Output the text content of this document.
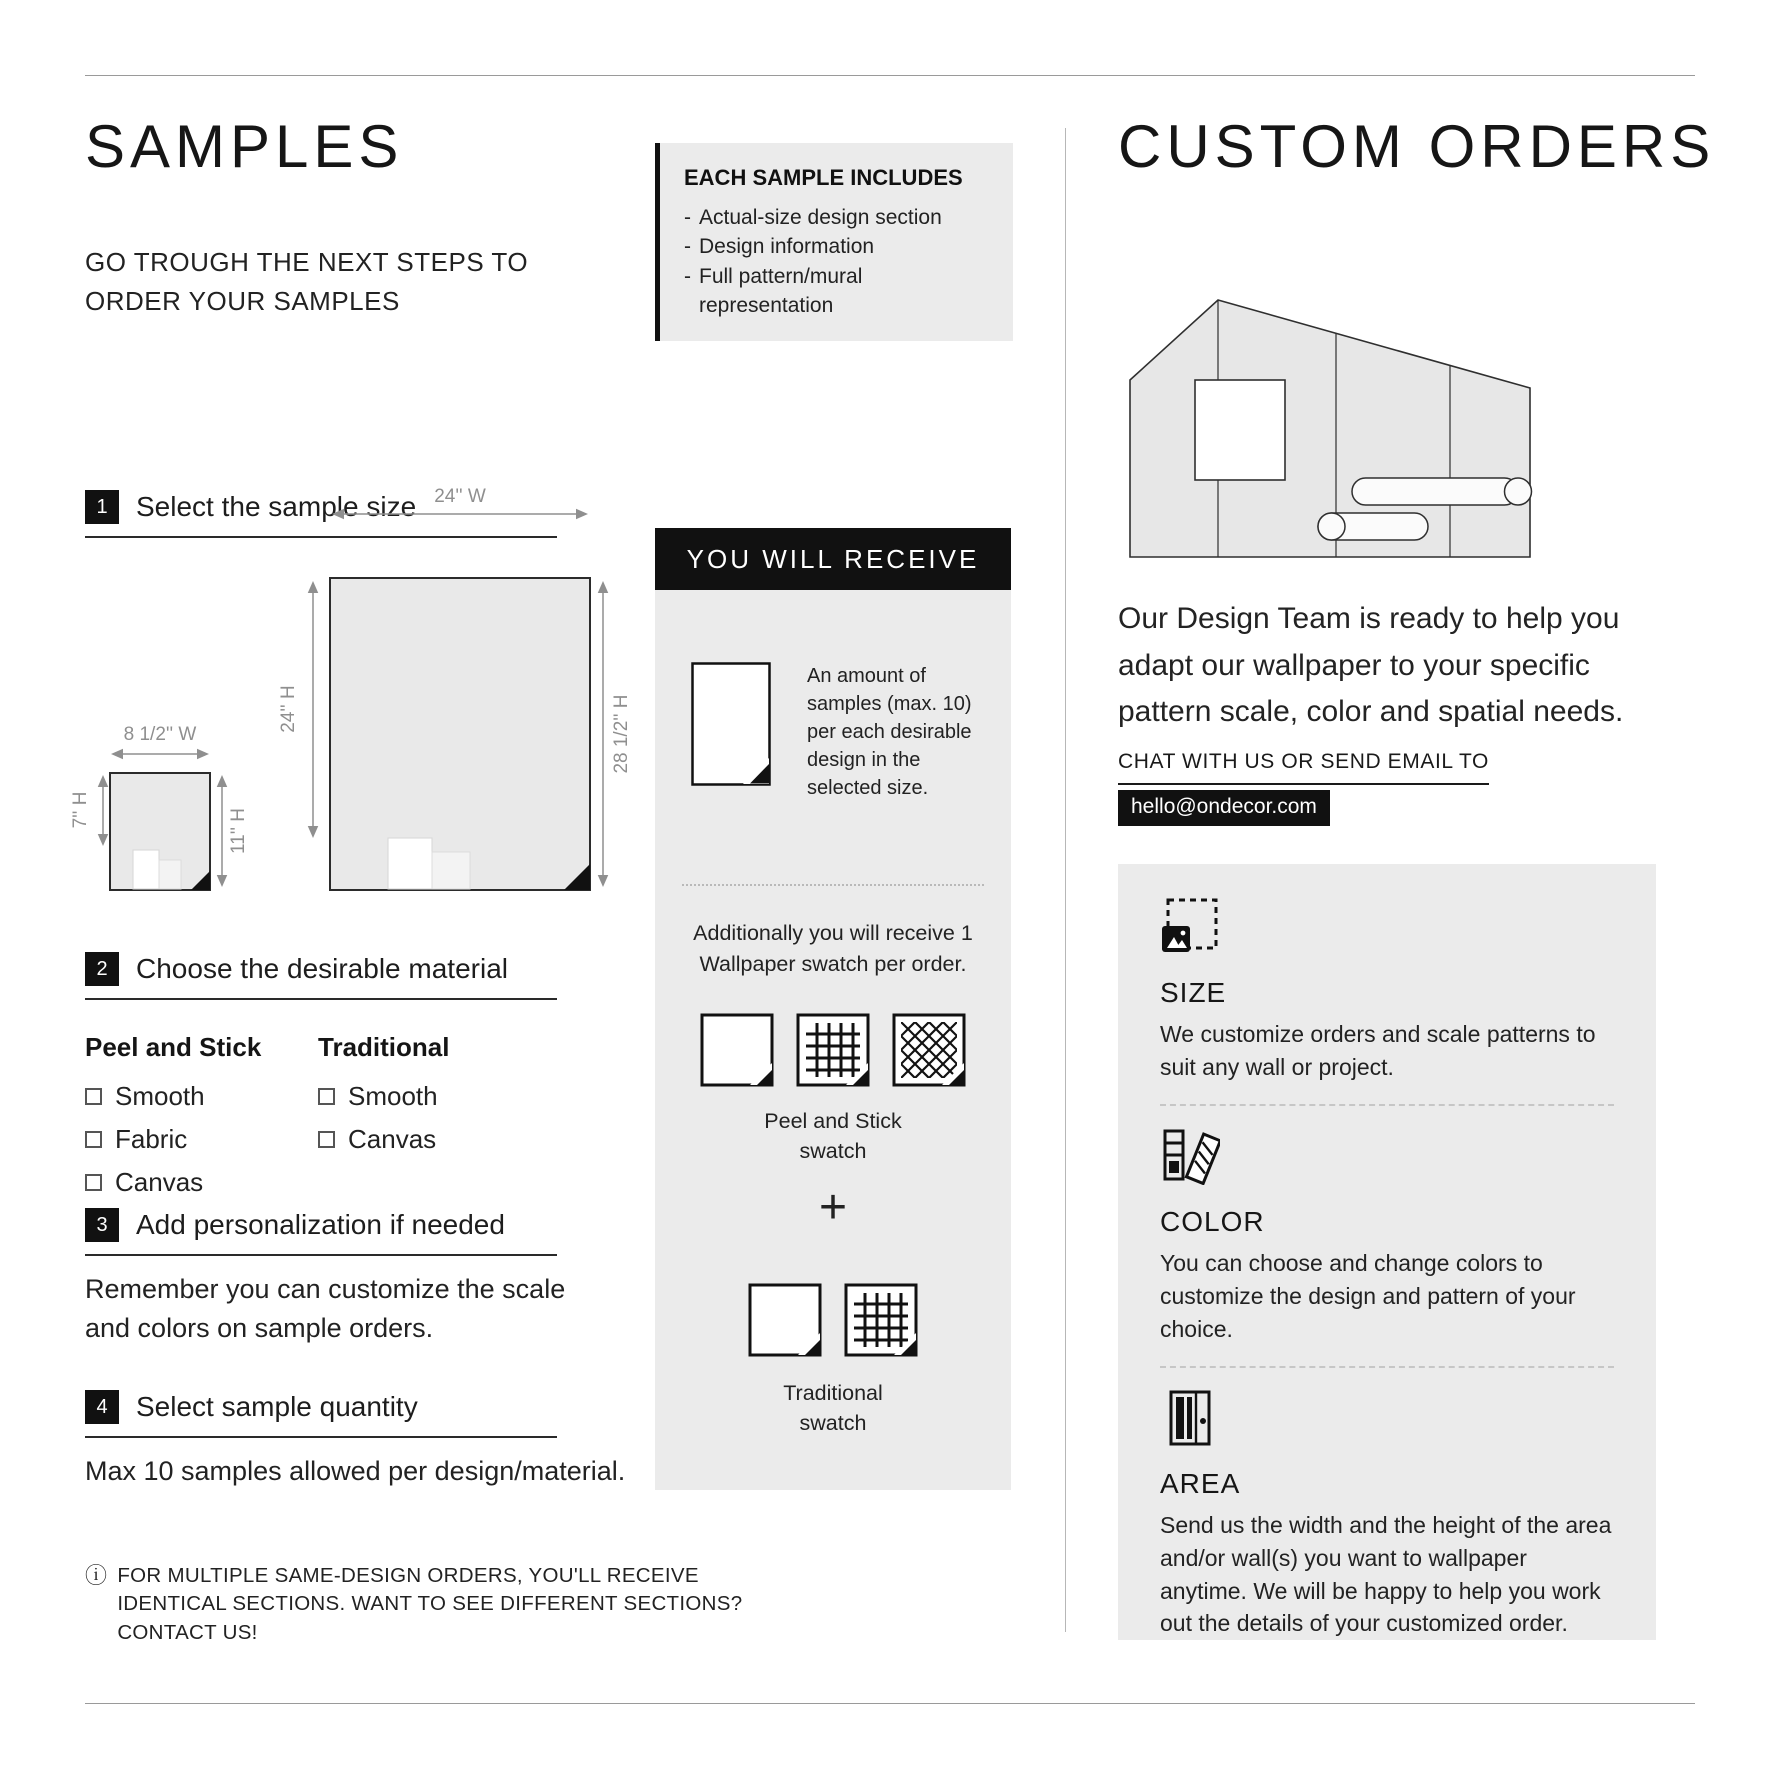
SAMPLES
GO TROUGH THE NEXT STEPS TO ORDER YOUR SAMPLES
EACH SAMPLE INCLUDES
- Actual-size design section
- Design information
- Full pattern/mural representation
1	Select the sample size 24'' W
24'' H	28 1/2'' H
8 1/2'' W
7'' H	11'' H
2	Choose the desirable material
Peel and Stick
Smooth
Fabric
Canvas
Traditional
Smooth
Canvas
3	Add personalization if needed
Remember you can customize the scale and colors on sample orders.
4	Select sample quantity
Max 10 samples allowed per design/material.
ⓘ FOR MULTIPLE SAME-DESIGN ORDERS, YOU'LL RECEIVE IDENTICAL SECTIONS. WANT TO SEE DIFFERENT SECTIONS? CONTACT US!
YOU WILL RECEIVE
An amount of samples (max. 10) per each desirable design in the selected size.
Additionally you will receive 1 Wallpaper swatch per order.
Peel and Stick swatch
+
Traditional swatch
CUSTOM ORDERS
Our Design Team is ready to help you adapt our wallpaper to your specific pattern scale, color and spatial needs.
CHAT WITH US OR SEND EMAIL TO
hello@ondecor.com
SIZE
We customize orders and scale patterns to suit any wall or project.
COLOR
You can choose and change colors to customize the design and pattern of your choice.
AREA
Send us the width and the height of the area and/or wall(s) you want to wallpaper anytime. We will be happy to help you work out the details of your customized order.
